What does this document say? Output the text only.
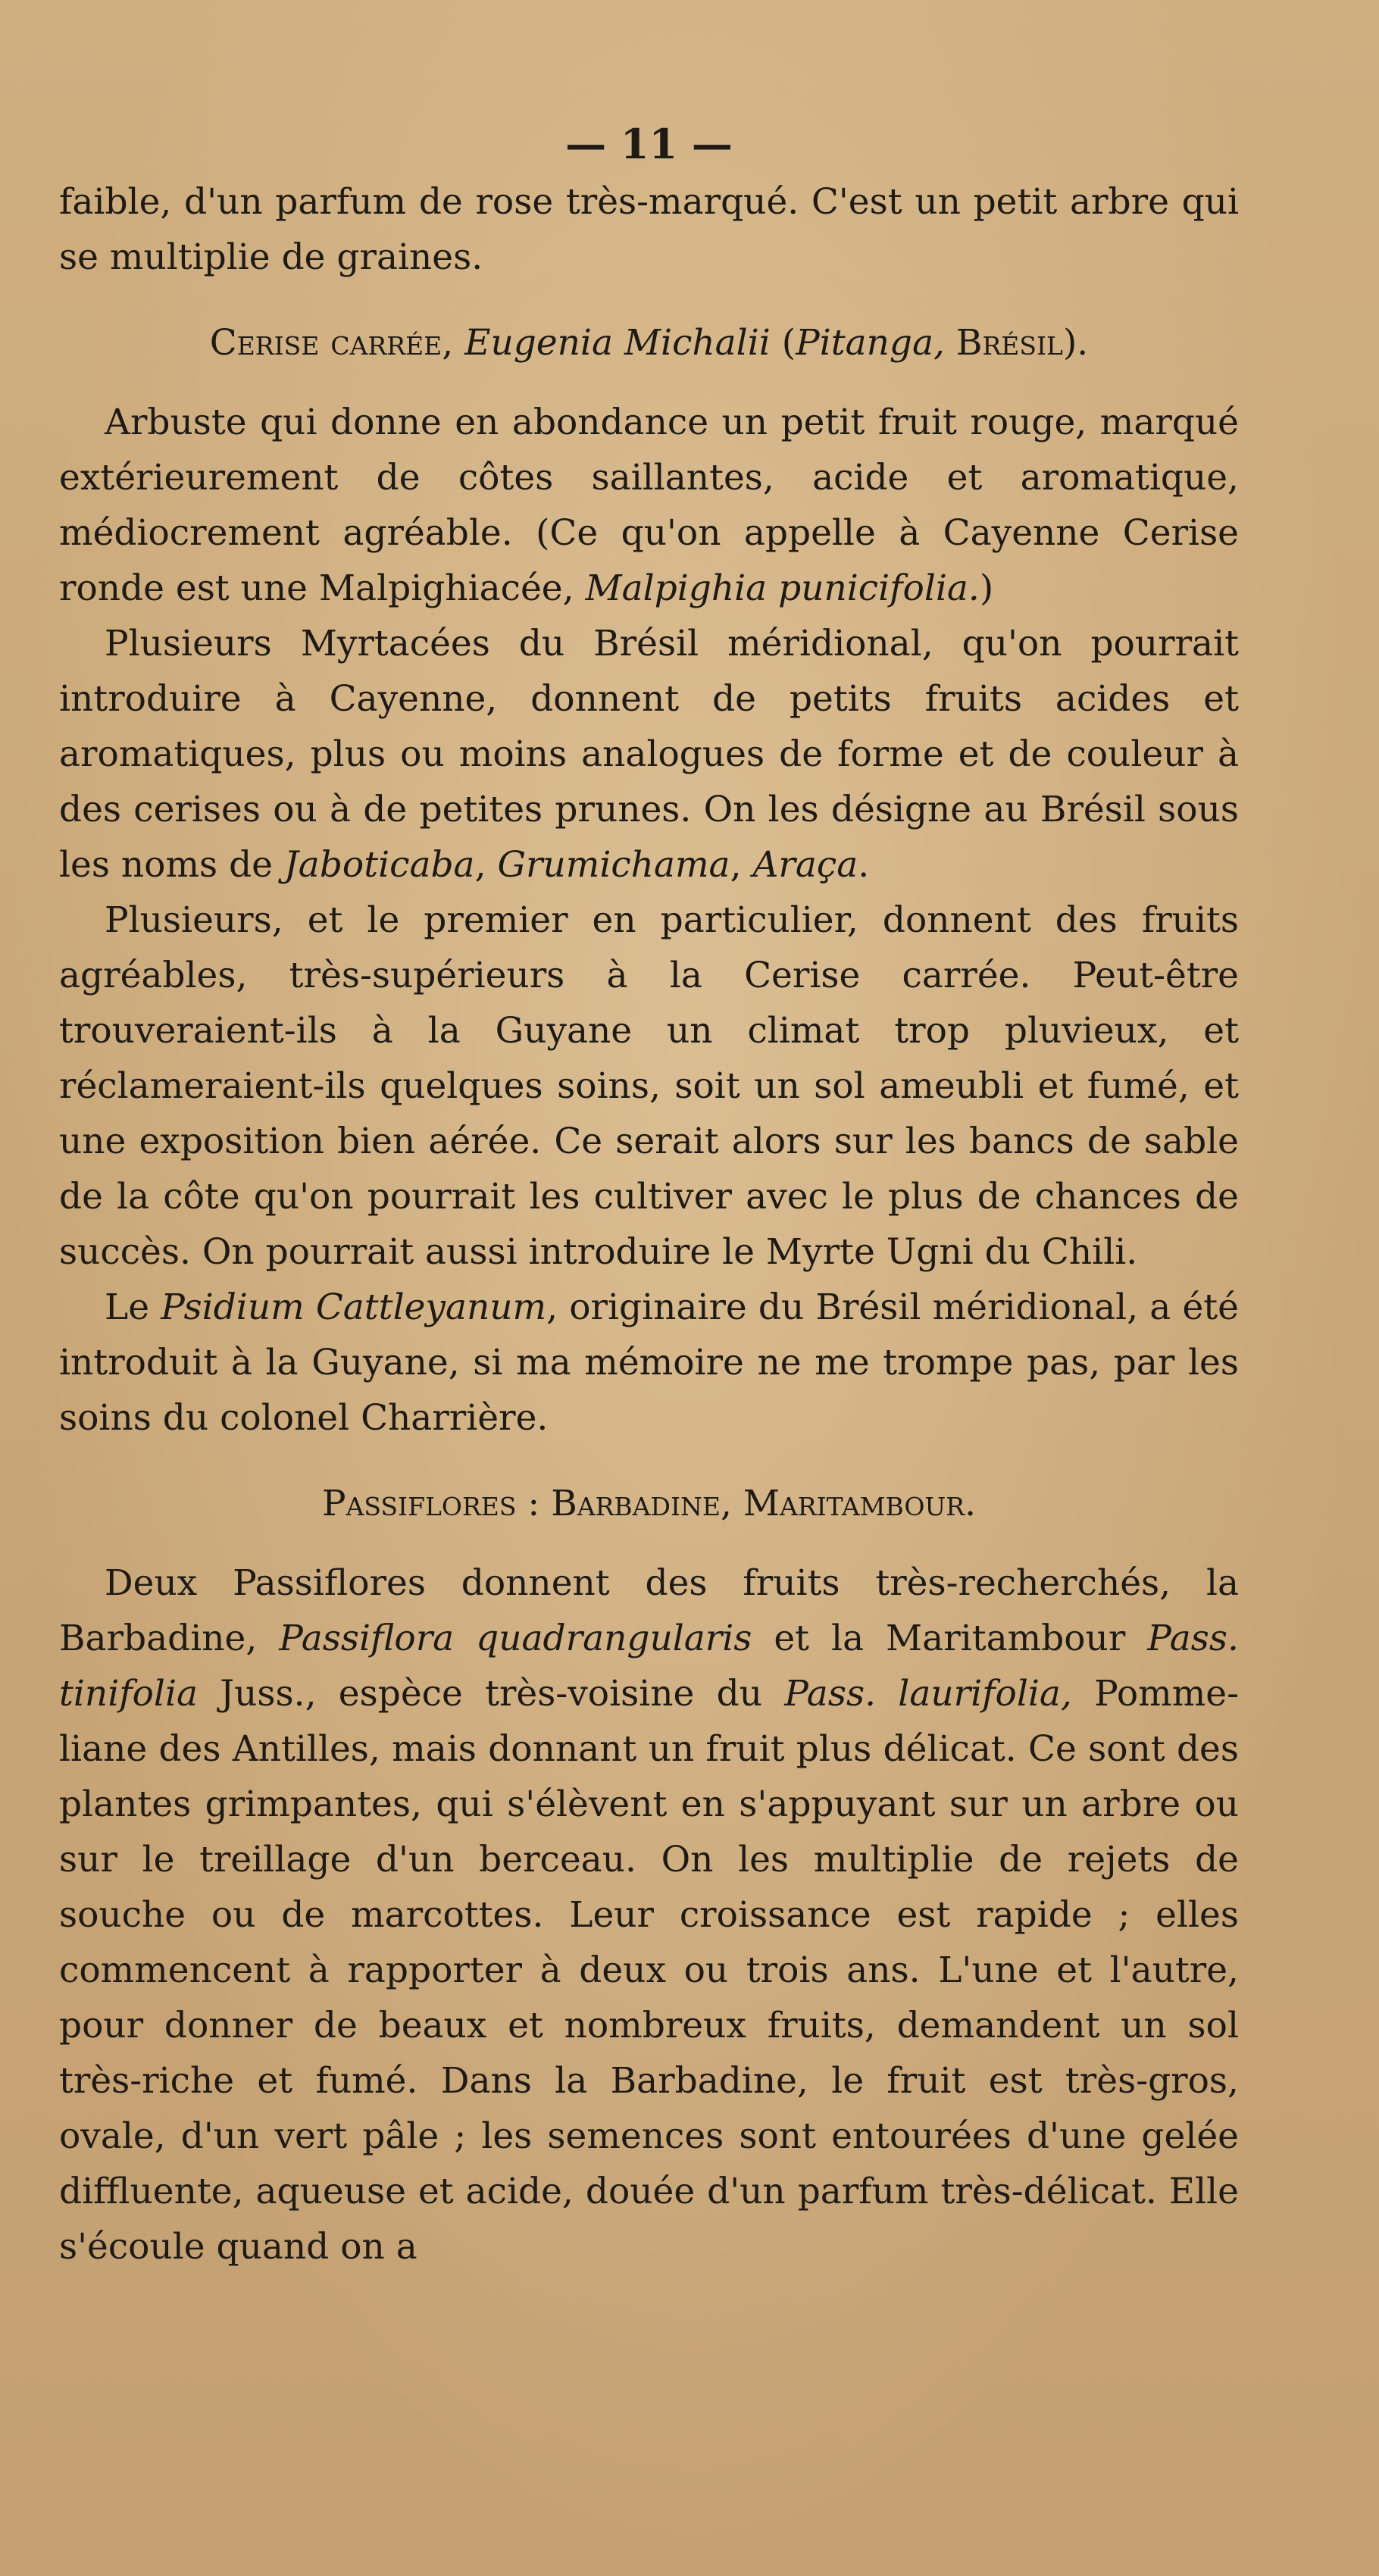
— 11 —

faible, d'un parfum de rose très-marqué. C'est un petit arbre qui se multiplie de graines.

Cerise carrée, Eugenia Michalii (Pitanga, Brésil).

Arbuste qui donne en abondance un petit fruit rouge, marqué extérieurement de côtes saillantes, acide et aromatique, médiocrement agréable. (Ce qu'on appelle à Cayenne Cerise ronde est une Malpighiacée, Malpighia punicifolia.)

Plusieurs Myrtacées du Brésil méridional, qu'on pourrait introduire à Cayenne, donnent de petits fruits acides et aromatiques, plus ou moins analogues de forme et de couleur à des cerises ou à de petites prunes. On les désigne au Brésil sous les noms de Jaboticaba, Grumichama, Araça.

Plusieurs, et le premier en particulier, donnent des fruits agréables, très-supérieurs à la Cerise carrée. Peut-être trouveraient-ils à la Guyane un climat trop pluvieux, et réclameraient-ils quelques soins, soit un sol ameubli et fumé, et une exposition bien aérée. Ce serait alors sur les bancs de sable de la côte qu'on pourrait les cultiver avec le plus de chances de succès. On pourrait aussi introduire le Myrte Ugni du Chili.

Le Psidium Cattleyanum, originaire du Brésil méridional, a été introduit à la Guyane, si ma mémoire ne me trompe pas, par les soins du colonel Charrière.

Passiflores : Barbadine, Maritambour.

Deux Passiflores donnent des fruits très-recherchés, la Barbadine, Passiflora quadrangularis et la Maritambour Pass. tinifolia Juss., espèce très-voisine du Pass. laurifolia, Pomme-liane des Antilles, mais donnant un fruit plus délicat. Ce sont des plantes grimpantes, qui s'élèvent en s'appuyant sur un arbre ou sur le treillage d'un berceau. On les multiplie de rejets de souche ou de marcottes. Leur croissance est rapide ; elles commencent à rapporter à deux ou trois ans. L'une et l'autre, pour donner de beaux et nombreux fruits, demandent un sol très-riche et fumé. Dans la Barbadine, le fruit est très-gros, ovale, d'un vert pâle ; les semences sont entourées d'une gelée diffluente, aqueuse et acide, douée d'un parfum très-délicat. Elle s'écoule quand on a
